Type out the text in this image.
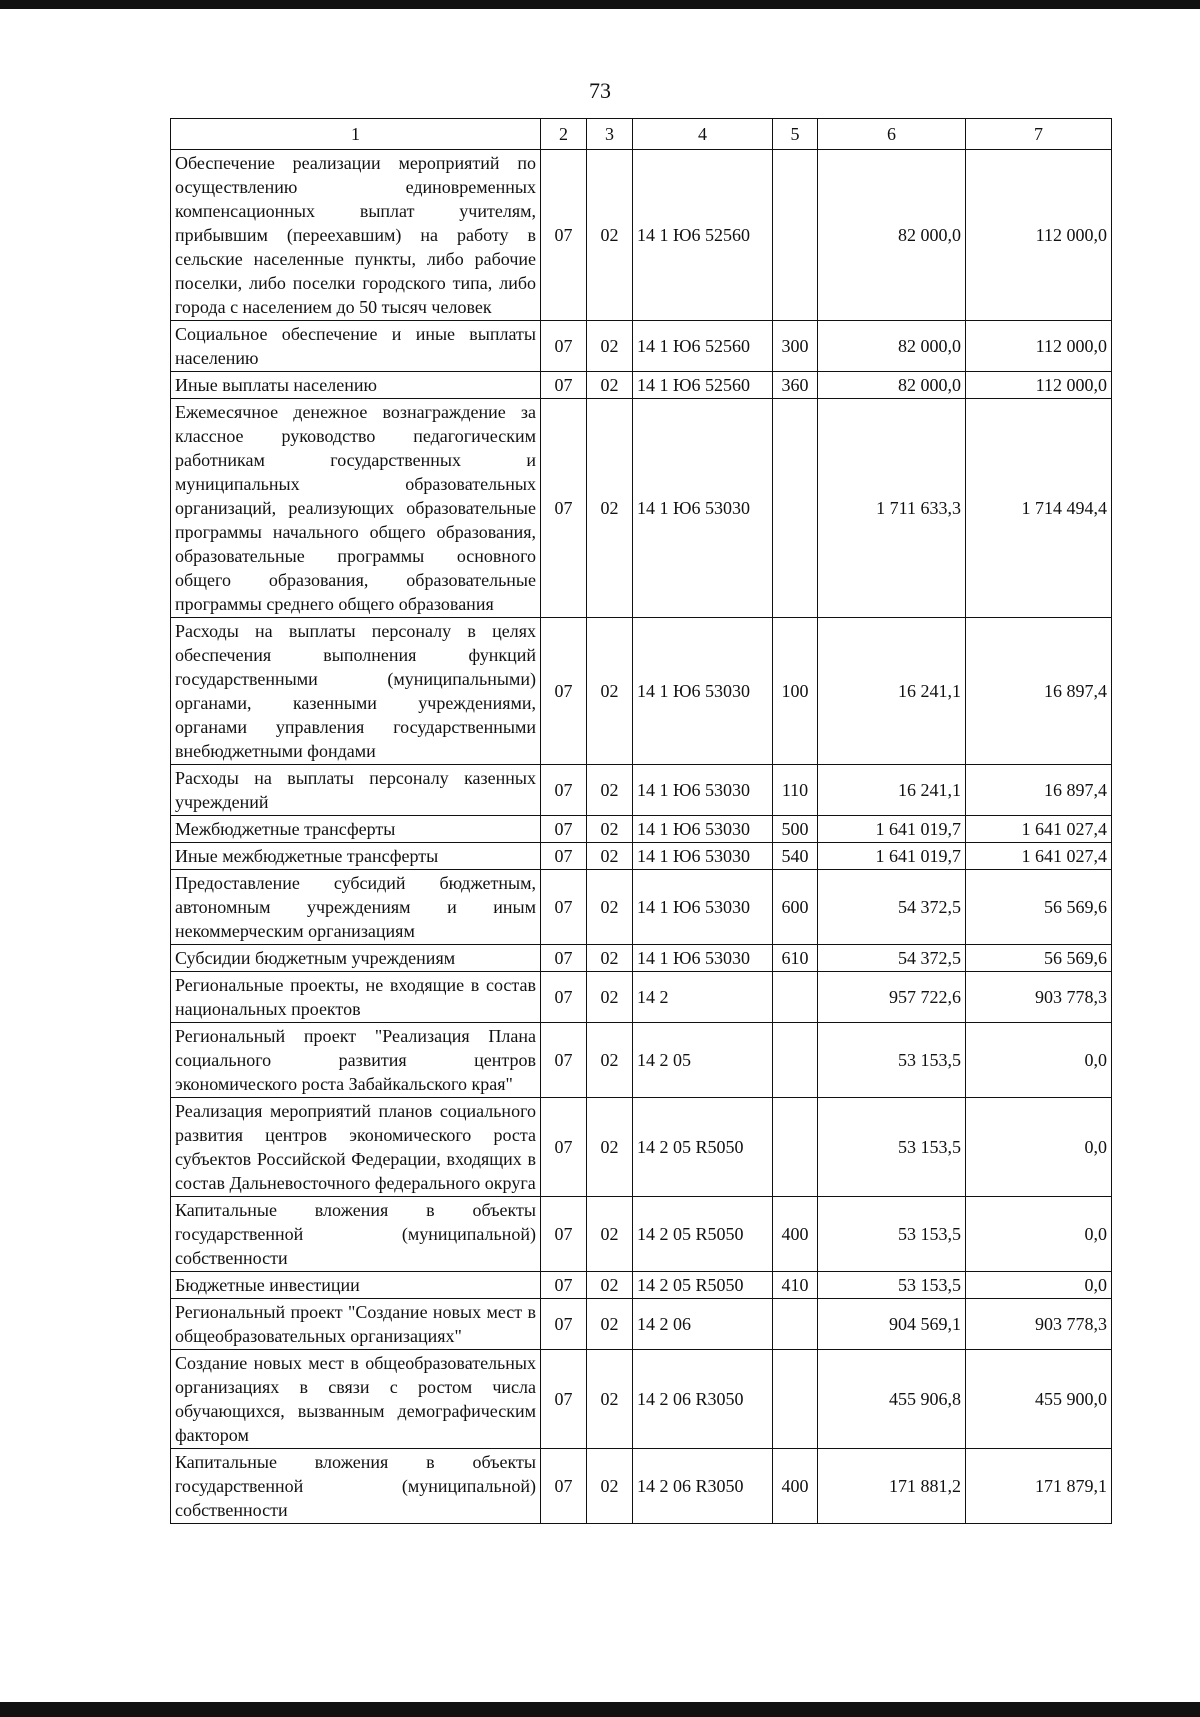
73
1	2	3	4	5	6	7
Обеспечение реализации мероприятий по осуществлению единовременных компенсационных выплат учителям, прибывшим (переехавшим) на работу в сельские населенные пункты, либо рабочие поселки, либо поселки городского типа, либо города с населением до 50 тысяч человек	07	02	14 1 Ю6 52560		82 000,0	112 000,0
Социальное обеспечение и иные выплаты населению	07	02	14 1 Ю6 52560	300	82 000,0	112 000,0
Иные выплаты населению	07	02	14 1 Ю6 52560	360	82 000,0	112 000,0
Ежемесячное денежное вознаграждение за классное руководство педагогическим работникам государственных и муниципальных образовательных организаций, реализующих образовательные программы начального общего образования, образовательные программы основного общего образования, образовательные программы среднего общего образования	07	02	14 1 Ю6 53030		1 711 633,3	1 714 494,4
Расходы на выплаты персоналу в целях обеспечения выполнения функций государственными (муниципальными) органами, казенными учреждениями, органами управления государственными внебюджетными фондами	07	02	14 1 Ю6 53030	100	16 241,1	16 897,4
Расходы на выплаты персоналу казенных учреждений	07	02	14 1 Ю6 53030	110	16 241,1	16 897,4
Межбюджетные трансферты	07	02	14 1 Ю6 53030	500	1 641 019,7	1 641 027,4
Иные межбюджетные трансферты	07	02	14 1 Ю6 53030	540	1 641 019,7	1 641 027,4
Предоставление субсидий бюджетным, автономным учреждениям и иным некоммерческим организациям	07	02	14 1 Ю6 53030	600	54 372,5	56 569,6
Субсидии бюджетным учреждениям	07	02	14 1 Ю6 53030	610	54 372,5	56 569,6
Региональные проекты, не входящие в состав национальных проектов	07	02	14 2		957 722,6	903 778,3
Региональный проект "Реализация Плана социального развития центров экономического роста Забайкальского края"	07	02	14 2 05		53 153,5	0,0
Реализация мероприятий планов социального развития центров экономического роста субъектов Российской Федерации, входящих в состав Дальневосточного федерального округа	07	02	14 2 05 R5050		53 153,5	0,0
Капитальные вложения в объекты государственной (муниципальной) собственности	07	02	14 2 05 R5050	400	53 153,5	0,0
Бюджетные инвестиции	07	02	14 2 05 R5050	410	53 153,5	0,0
Региональный проект "Создание новых мест в общеобразовательных организациях"	07	02	14 2 06		904 569,1	903 778,3
Создание новых мест в общеобразовательных организациях в связи с ростом числа обучающихся, вызванным демографическим фактором	07	02	14 2 06 R3050		455 906,8	455 900,0
Капитальные вложения в объекты государственной (муниципальной) собственности	07	02	14 2 06 R3050	400	171 881,2	171 879,1
